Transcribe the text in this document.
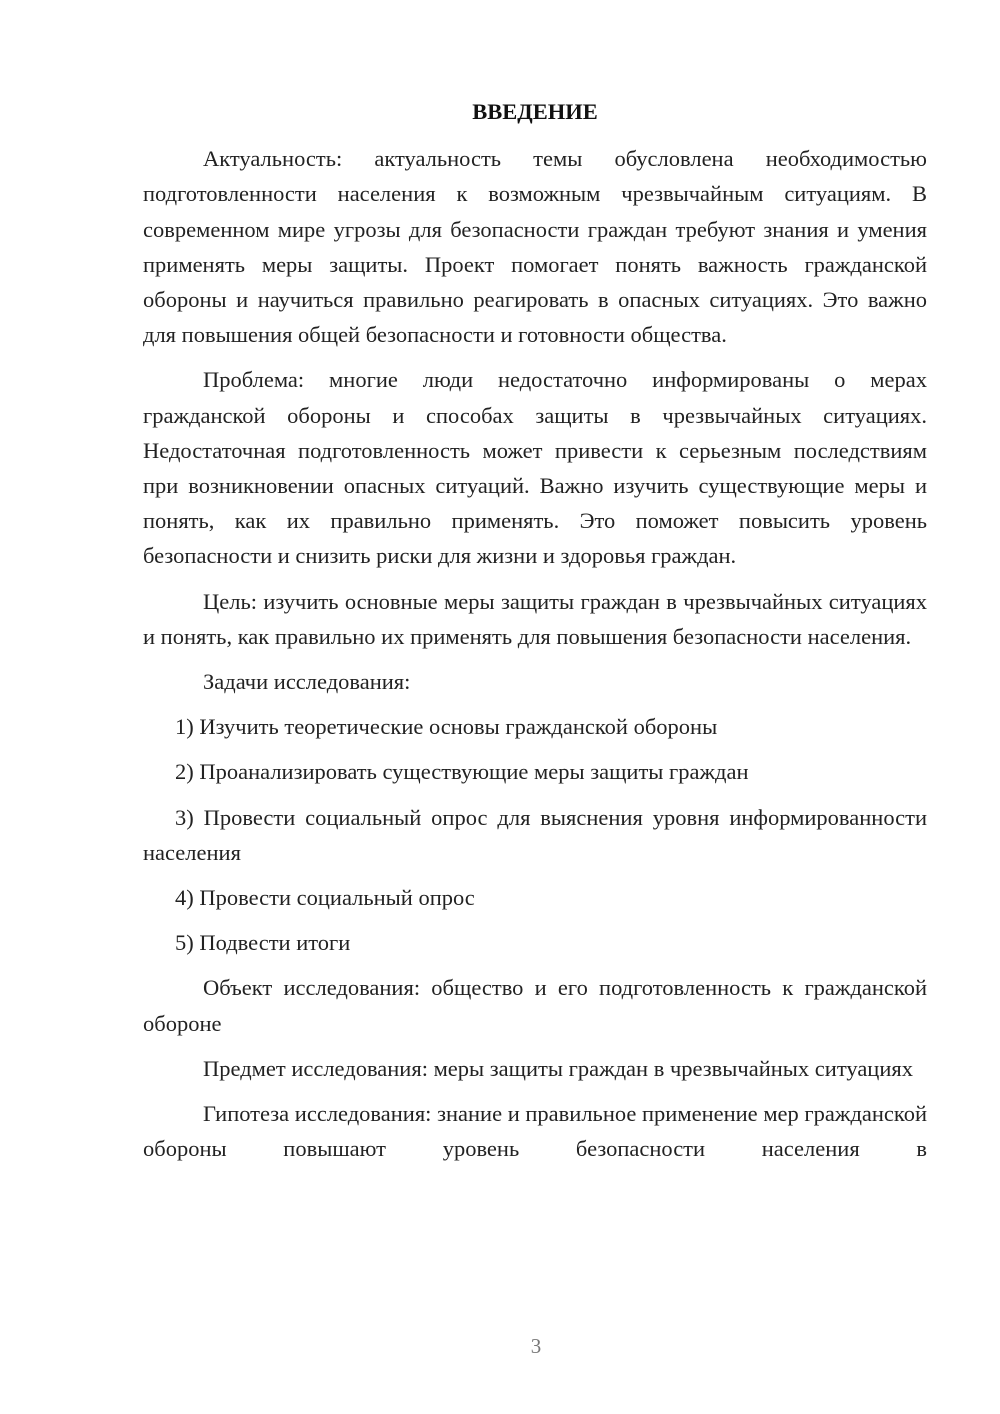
ВВЕДЕНИЕ

Актуальность: актуальность темы обусловлена необходимостью подготовленности населения к возможным чрезвычайным ситуациям. В современном мире угрозы для безопасности граждан требуют знания и умения применять меры защиты. Проект помогает понять важность гражданской обороны и научиться правильно реагировать в опасных ситуациях. Это важно для повышения общей безопасности и готовности общества.

Проблема: многие люди недостаточно информированы о мерах гражданской обороны и способах защиты в чрезвычайных ситуациях. Недостаточная подготовленность может привести к серьезным последствиям при возникновении опасных ситуаций. Важно изучить существующие меры и понять, как их правильно применять. Это поможет повысить уровень безопасности и снизить риски для жизни и здоровья граждан.

Цель: изучить основные меры защиты граждан в чрезвычайных ситуациях и понять, как правильно их применять для повышения безопасности населения.

Задачи исследования:

1) Изучить теоретические основы гражданской обороны

2) Проанализировать существующие меры защиты граждан

3) Провести социальный опрос для выяснения уровня информированности населения

4) Провести социальный опрос

5) Подвести итоги

Объект исследования: общество и его подготовленность к гражданской обороне

Предмет исследования: меры защиты граждан в чрезвычайных ситуациях

Гипотеза исследования: знание и правильное применение мер гражданской обороны повышают уровень безопасности населения в

3
